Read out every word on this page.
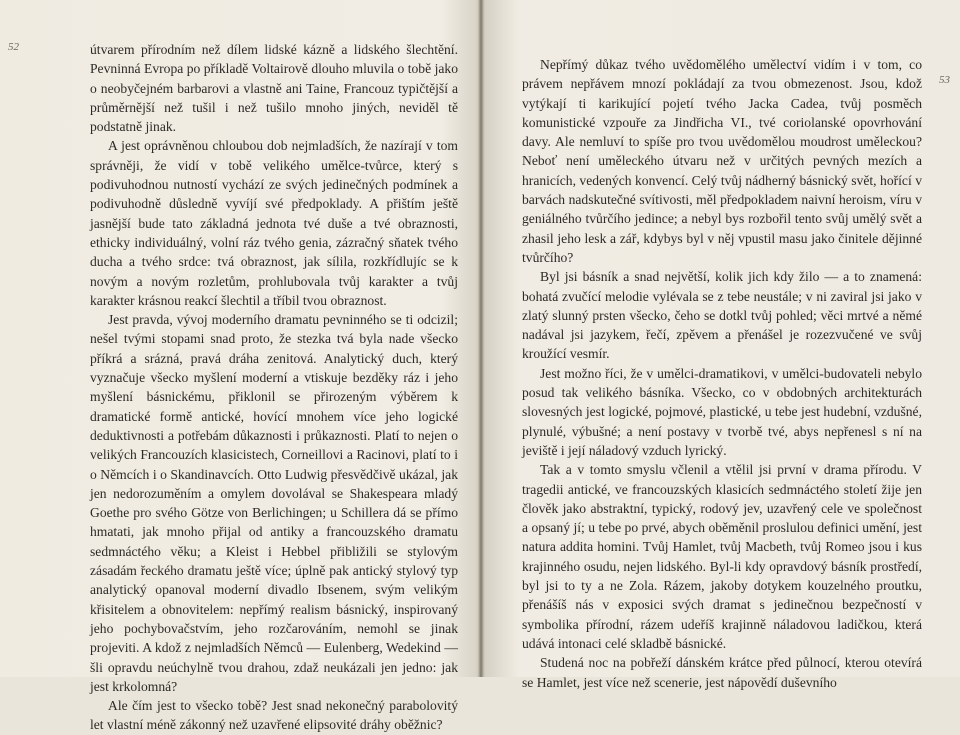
52	útvarem přírodním než dílem lidské kázně a lidského šlechtění. Pevninná Evropa po příkladě Voltairově dlouho mluvila o tobě jako o neobyčejném barbarovi a vlastně ani Taine, Francouz typičtější a průměrnější než tušil i než tušilo mnoho jiných, neviděl tě podstatně jinak.

A jest oprávněnou chloubou dob nejmladších, že nazírají v tom správněji, že vidí v tobě velikého umělce-tvůrce, který s podivuhodnou nutností vychází ze svých jedinečných podmínek a podivuhodně důsledně vyvíjí své předpoklady. A přištím ještě jasnější bude tato základná jednota tvé duše a tvé obraznosti, ethicky individuálný, volní ráz tvého genia, zázračný sňatek tvého ducha a tvého srdce: tvá obraznost, jak sílila, rozkřídlujíc se k novým a novým rozletům, prohlubovala tvůj karakter a tvůj karakter krásnou reakcí šlechtil a tříbil tvou obraznost.

Jest pravda, vývoj moderního dramatu pevninného se ti odcizil; nešel tvými stopami snad proto, že stezka tvá byla nade všecko příkrá a srázná, pravá dráha zenitová. Analytický duch, který vyznačuje všecko myšlení moderní a vtiskuje bezděky ráz i jeho myšlení básnickému, přiklonil se přirozeným výběrem k dramatické formě antické, hovící mnohem více jeho logické deduktivnosti a potřebám důkaznosti i průkaznosti. Platí to nejen o velikých Francouzích klasicistech, Corneillovi a Racinovi, platí to i o Němcích i o Skandinavcích. Otto Ludwig přesvědčivě ukázal, jak jen nedorozuměním a omylem dovolával se Shakespeara mladý Goethe pro svého Götze von Berlichingen; u Schillera dá se přímo hmatati, jak mnoho přijal od antiky a francouzského dramatu sedmnáctého věku; a Kleist i Hebbel přibližili se stylovým zásadám řeckého dramatu ještě více; úplně pak antický stylový typ analytický opanoval moderní divadlo Ibsenem, svým velikým křisitelem a obnovitelem: nepřímý realism básnický, inspirovaný jeho pochybovačstvím, jeho rozčarováním, nemohl se jinak projeviti. A kdož z nejmladších Němců — Eulenberg, Wedekind — šli opravdu neúchylně tvou drahou, zdaž neukázali jen jedno: jak jest krkolomná?

Ale čím jest to všecko tobě? Jest snad nekonečný parabolovitý let vlastní méně zákonný než uzavřené elipsovité dráhy oběžnic?

53

Nepřímý důkaz tvého uvědomělého umělectví vidím i v tom, co právem nepřávem mnozí pokládají za tvou obmezenost. Jsou, kdož vytýkají ti karikující pojetí tvého Jacka Cadea, tvůj posměch komunistické vzpouře za Jindřicha VI., tvé coriolanské opovrhování davy. Ale nemluví to spíše pro tvou uvědomělou moudrost uměleckou? Neboť není uměleckého útvaru než v určitých pevných mezích a hranicích, vedených konvencí. Celý tvůj nádherný básnický svět, hořící v barvách nadskutečné svítivosti, měl předpokladem naivní heroism, víru v geniálného tvůrčího jedince; a nebyl bys rozbořil tento svůj umělý svět a zhasil jeho lesk a zář, kdybys byl v něj vpustil masu jako činitele dějinné tvůrčího?

Byl jsi básník a snad největší, kolik jich kdy žilo — a to znamená: bohatá zvučící melodie vylévala se z tebe neustále; v ni zaviral jsi jako v zlatý slunný prsten všecko, čeho se dotkl tvůj pohled; věci mrtvé a němé nadával jsi jazykem, řečí, zpěvem a přenášel je rozezvučené ve svůj kroužící vesmír.

Jest možno říci, že v umělci-dramatikovi, v umělci-budovateli nebylo posud tak velikého básníka. Všecko, co v obdobných architekturách slovesných jest logické, pojmové, plastické, u tebe jest hudební, vzdušné, plynulé, výbušné; a není postavy v tvorbě tvé, abys nepřenesl s ní na jeviště i její náladový vzduch lyrický.

Tak a v tomto smyslu včlenil a vtělil jsi první v drama přírodu. V tragedii antické, ve francouzských klasicích sedmnáctého století žije jen člověk jako abstraktní, typický, rodový jev, uzavřený cele ve společnost a opsaný jí; u tebe po prvé, abych oběměnil proslulou definici umění, jest natura addita homini. Tvůj Hamlet, tvůj Macbeth, tvůj Romeo jsou i kus krajinného osudu, nejen lidského. Byl-li kdy opravdový básník prostředí, byl jsi to ty a ne Zola. Rázem, jakoby dotykem kouzelného proutku, přenášíš nás v exposici svých dramat s jedinečnou bezpečností v symbolika přírodní, rázem udeříš krajinně náladovou ladičkou, která udává intonaci celé skladbě básnické.

Studená noc na pobřeží dánském krátce před půlnocí, kterou otevírá se Hamlet, jest více než scenerie, jest nápovědí duševního
